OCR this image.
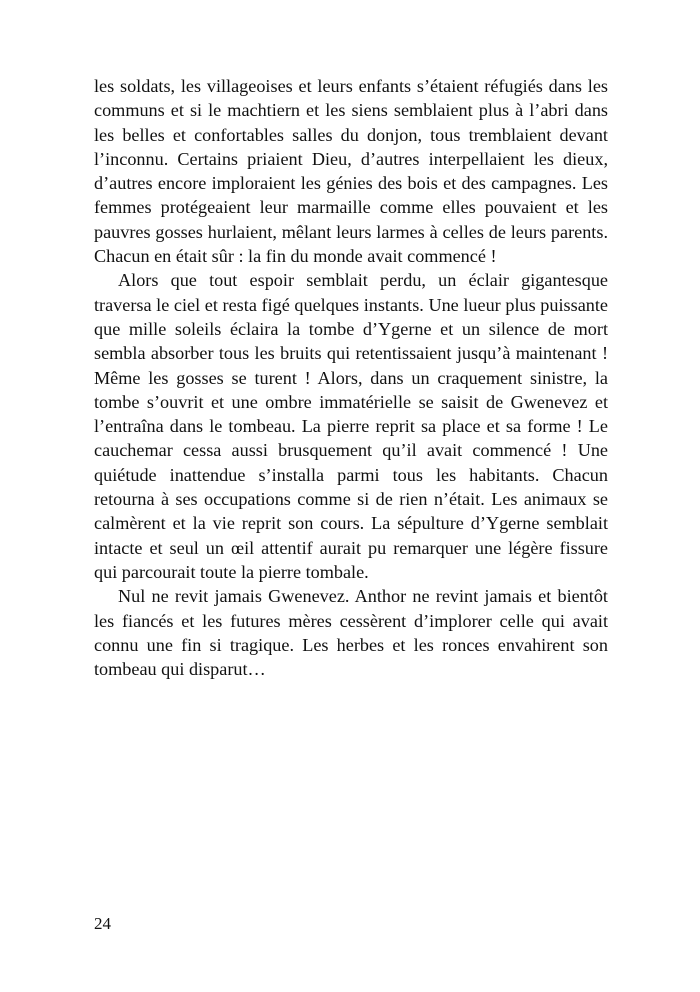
les soldats, les villageoises et leurs enfants s’étaient réfugiés dans les communs et si le machtiern et les siens semblaient plus à l’abri dans les belles et confortables salles du donjon, tous tremblaient devant l’inconnu. Certains priaient Dieu, d’autres interpellaient les dieux, d’autres encore imploraient les génies des bois et des campagnes. Les femmes protégeaient leur marmaille comme elles pouvaient et les pauvres gosses hurlaient, mêlant leurs larmes à celles de leurs parents. Chacun en était sûr : la fin du monde avait commencé !

Alors que tout espoir semblait perdu, un éclair gigantesque traversa le ciel et resta figé quelques instants. Une lueur plus puissante que mille soleils éclaira la tombe d’Ygerne et un silence de mort sembla absorber tous les bruits qui retentissaient jusqu’à maintenant ! Même les gosses se turent ! Alors, dans un craquement sinistre, la tombe s’ouvrit et une ombre immatérielle se saisit de Gwenevez et l’entraîna dans le tombeau. La pierre reprit sa place et sa forme ! Le cauchemar cessa aussi brusquement qu’il avait commencé ! Une quiétude inattendue s’installa parmi tous les habitants. Chacun retourna à ses occupations comme si de rien n’était. Les animaux se calmèrent et la vie reprit son cours. La sépulture d’Ygerne semblait intacte et seul un œil attentif aurait pu remarquer une légère fissure qui parcourait toute la pierre tombale.

Nul ne revit jamais Gwenevez. Anthor ne revint jamais et bientôt les fiancés et les futures mères cessèrent d’implorer celle qui avait connu une fin si tragique. Les herbes et les ronces envahirent son tombeau qui disparut…

24
